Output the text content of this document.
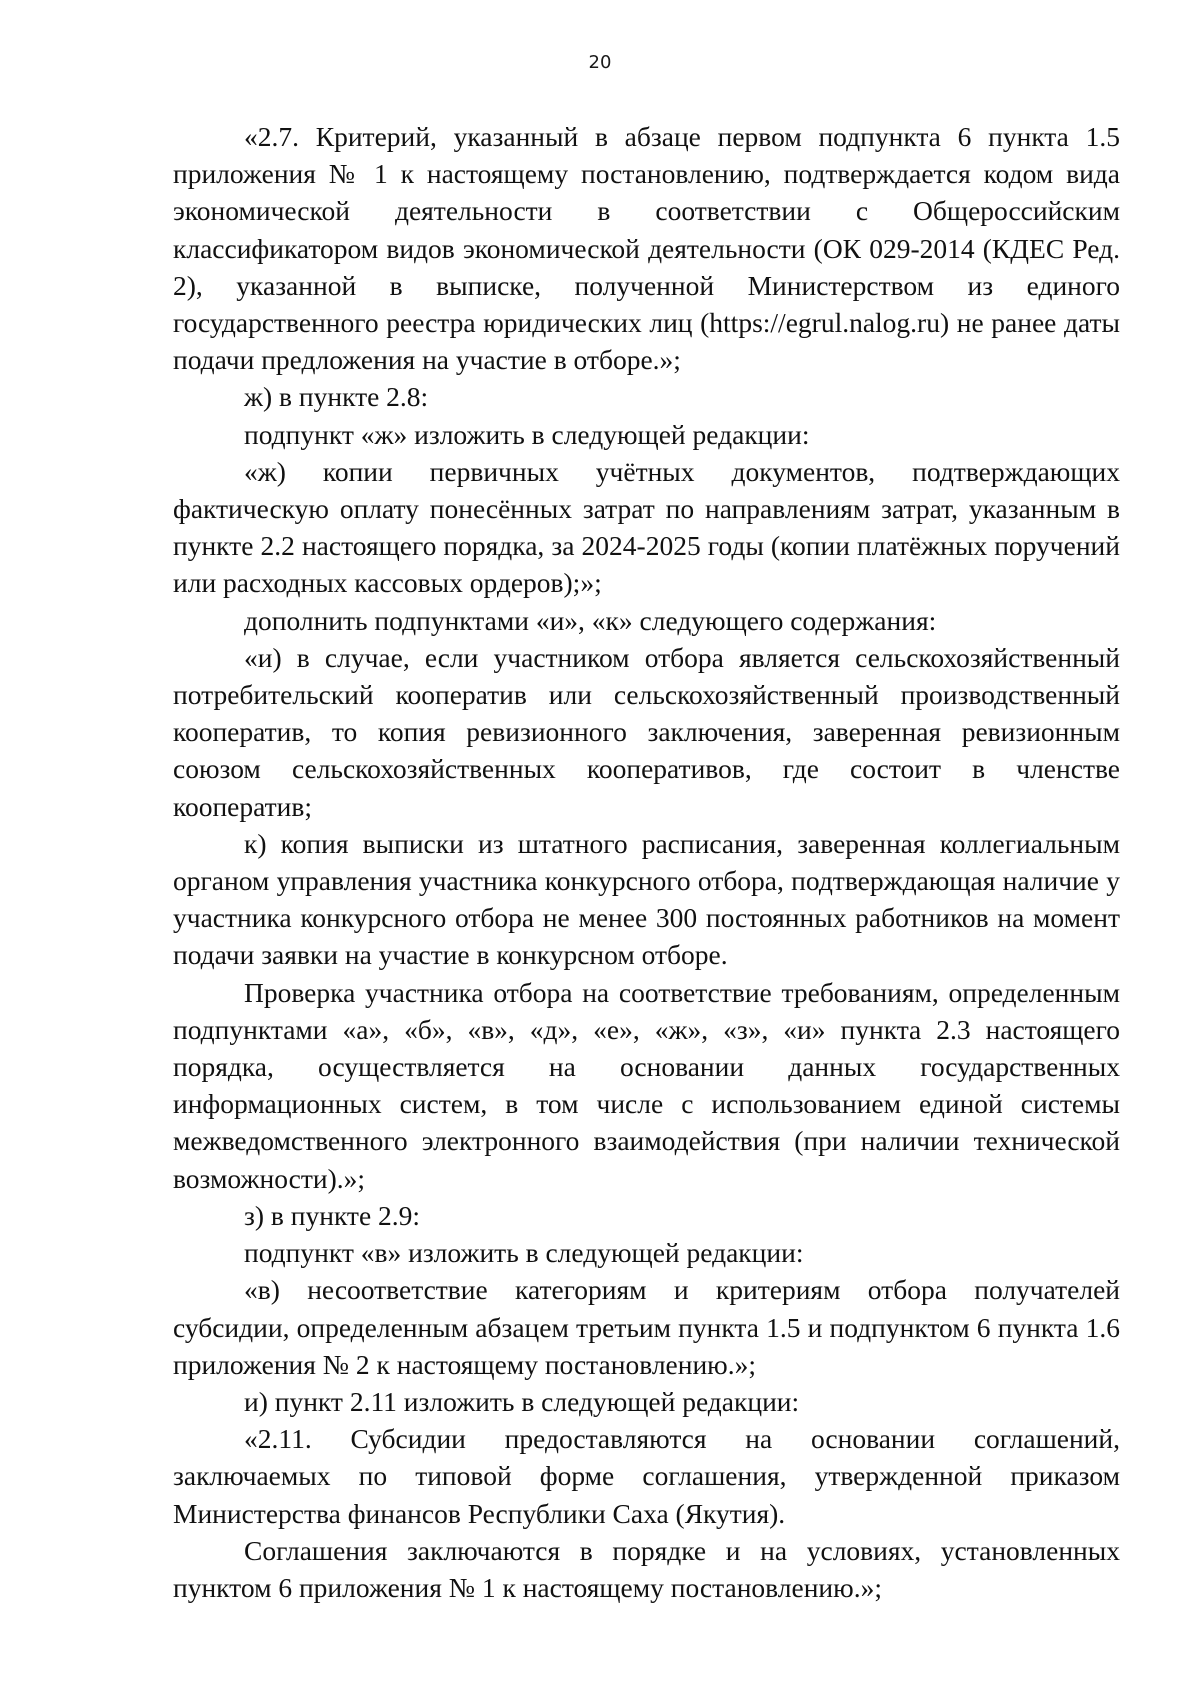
20

«2.7. Критерий, указанный в абзаце первом подпункта 6 пункта 1.5 приложения № 1 к настоящему постановлению, подтверждается кодом вида экономической деятельности в соответствии с Общероссийским классификатором видов экономической деятельности (ОК 029-2014 (КДЕС Ред. 2), указанной в выписке, полученной Министерством из единого государственного реестра юридических лиц (https://egrul.nalog.ru) не ранее даты подачи предложения на участие в отборе.»;

ж) в пункте 2.8:

подпункт «ж» изложить в следующей редакции:

«ж) копии первичных учётных документов, подтверждающих фактическую оплату понесённых затрат по направлениям затрат, указанным в пункте 2.2 настоящего порядка, за 2024-2025 годы (копии платёжных поручений или расходных кассовых ордеров);»;

дополнить подпунктами «и», «к» следующего содержания:

«и) в случае, если участником отбора является сельскохозяйственный потребительский кооператив или сельскохозяйственный производственный кооператив, то копия ревизионного заключения, заверенная ревизионным союзом сельскохозяйственных кооперативов, где состоит в членстве кооператив;

к) копия выписки из штатного расписания, заверенная коллегиальным органом управления участника конкурсного отбора, подтверждающая наличие у участника конкурсного отбора не менее 300 постоянных работников на момент подачи заявки на участие в конкурсном отборе.

Проверка участника отбора на соответствие требованиям, определенным подпунктами «а», «б», «в», «д», «е», «ж», «з», «и» пункта 2.3 настоящего порядка, осуществляется на основании данных государственных информационных систем, в том числе с использованием единой системы межведомственного электронного взаимодействия (при наличии технической возможности).»;

з) в пункте 2.9:

подпункт «в» изложить в следующей редакции:

«в) несоответствие категориям и критериям отбора получателей субсидии, определенным абзацем третьим пункта 1.5 и подпунктом 6 пункта 1.6 приложения № 2 к настоящему постановлению.»;

и) пункт 2.11 изложить в следующей редакции:

«2.11. Субсидии предоставляются на основании соглашений, заключаемых по типовой форме соглашения, утвержденной приказом Министерства финансов Республики Саха (Якутия).

Соглашения заключаются в порядке и на условиях, установленных пунктом 6 приложения № 1 к настоящему постановлению.»;
